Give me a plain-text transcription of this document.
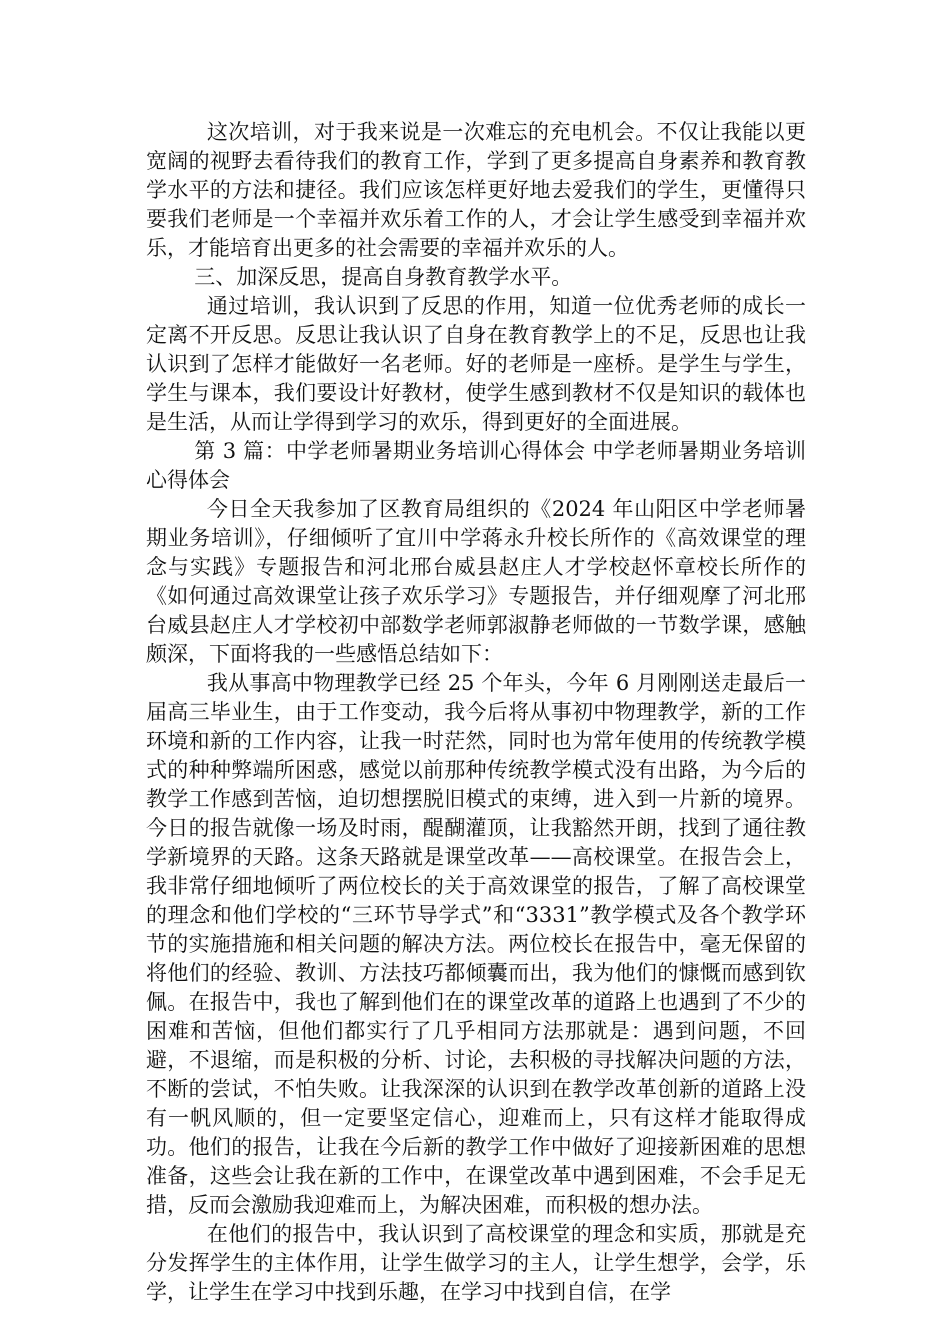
这次培训，对于我来说是一次难忘的充电机会。不仅让我能以更宽阔的视野去看待我们的教育工作，学到了更多提高自身素养和教育教学水平的方法和捷径。我们应该怎样更好地去爱我们的学生，更懂得只要我们老师是一个幸福并欢乐着工作的人，才会让学生感受到幸福并欢乐，才能培育出更多的社会需要的幸福并欢乐的人。

三、加深反思，提高自身教育教学水平。

通过培训，我认识到了反思的作用，知道一位优秀老师的成长一定离不开反思。反思让我认识了自身在教育教学上的不足，反思也让我认识到了怎样才能做好一名老师。好的老师是一座桥。是学生与学生，学生与课本，我们要设计好教材，使学生感到教材不仅是知识的载体也是生活，从而让学得到学习的欢乐，得到更好的全面进展。

第 3 篇：中学老师暑期业务培训心得体会 中学老师暑期业务培训心得体会

今日全天我参加了区教育局组织的《2024 年山阳区中学老师暑期业务培训》，仔细倾听了宜川中学蒋永升校长所作的《高效课堂的理念与实践》专题报告和河北邢台威县赵庄人才学校赵怀章校长所作的《如何通过高效课堂让孩子欢乐学习》专题报告，并仔细观摩了河北邢台威县赵庄人才学校初中部数学老师郭淑静老师做的一节数学课，感触颇深，下面将我的一些感悟总结如下：

我从事高中物理教学已经 25 个年头，今年 6 月刚刚送走最后一届高三毕业生，由于工作变动，我今后将从事初中物理教学，新的工作环境和新的工作内容，让我一时茫然，同时也为常年使用的传统教学模式的种种弊端所困惑，感觉以前那种传统教学模式没有出路，为今后的教学工作感到苦恼，迫切想摆脱旧模式的束缚，进入到一片新的境界。今日的报告就像一场及时雨，醍醐灌顶，让我豁然开朗，找到了通往教学新境界的天路。这条天路就是课堂改革——高校课堂。在报告会上，我非常仔细地倾听了两位校长的关于高效课堂的报告，了解了高校课堂的理念和他们学校的“三环节导学式”和“3331”教学模式及各个教学环节的实施措施和相关问题的解决方法。两位校长在报告中，毫无保留的将他们的经验、教训、方法技巧都倾囊而出，我为他们的慷慨而感到钦佩。在报告中，我也了解到他们在的课堂改革的道路上也遇到了不少的困难和苦恼，但他们都实行了几乎相同方法那就是：遇到问题，不回避，不退缩，而是积极的分析、讨论，去积极的寻找解决问题的方法，不断的尝试，不怕失败。让我深深的认识到在教学改革创新的道路上没有一帆风顺的，但一定要坚定信心，迎难而上，只有这样才能取得成功。他们的报告，让我在今后新的教学工作中做好了迎接新困难的思想准备，这些会让我在新的工作中，在课堂改革中遇到困难，不会手足无措，反而会激励我迎难而上，为解决困难，而积极的想办法。

在他们的报告中，我认识到了高校课堂的理念和实质，那就是充分发挥学生的主体作用，让学生做学习的主人，让学生想学，会学，乐学，让学生在学习中找到乐趣，在学习中找到自信，在学
